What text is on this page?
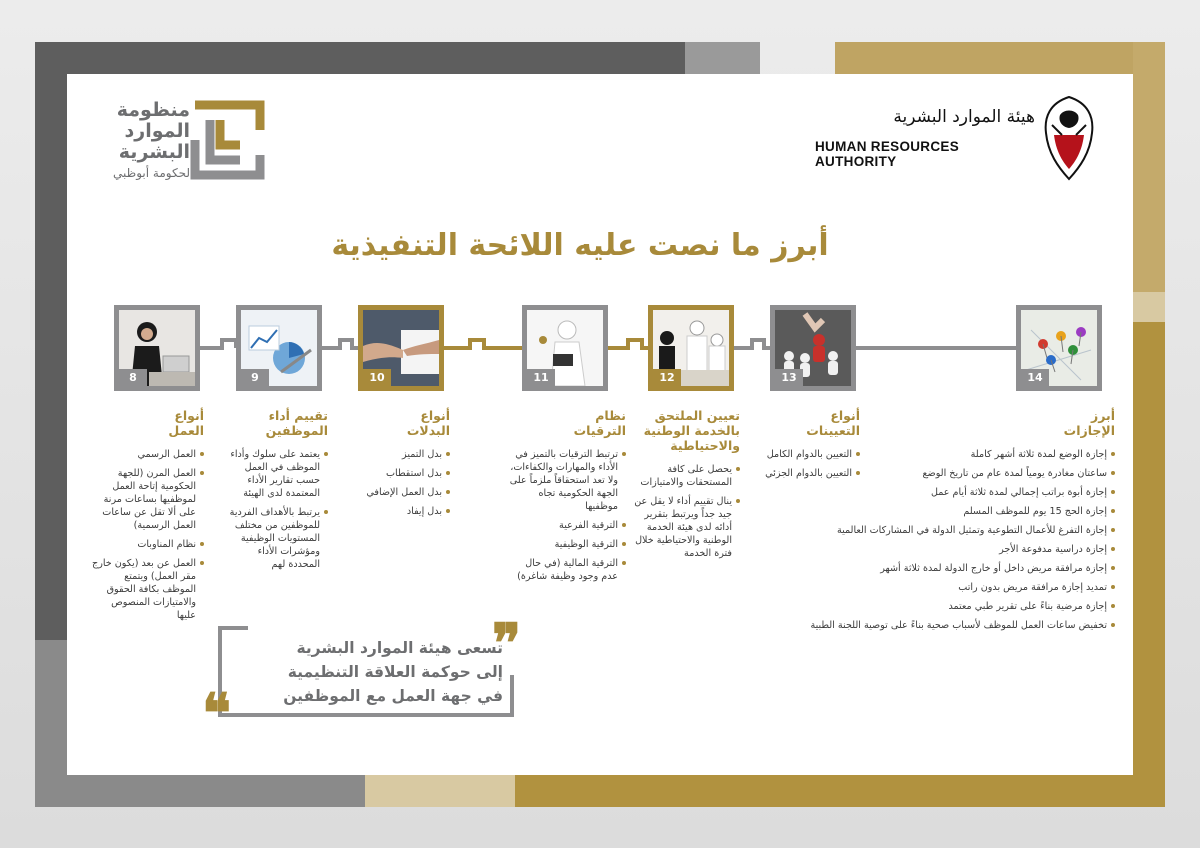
منظومة
الموارد
البشرية
لحكومة أبوظبي
هيئة الموارد البشرية
HUMAN RESOURCES AUTHORITY
أبرز ما نصت عليه اللائحة التنفيذية
14
13
12
11
10
9
8
أبرز
الإجازات
إجازة الوضع لمدة ثلاثة أشهر كاملة
ساعتان مغادرة يومياً لمدة عام من تاريخ الوضع
إجازة أبوة براتب إجمالي لمدة ثلاثة أيام عمل
إجازة الحج 15 يوم للموظف المسلم
إجازة التفرغ للأعمال التطوعية وتمثيل الدولة في المشاركات العالمية
إجازة دراسية مدفوعة الأجر
إجازة مرافقة مريض داخل أو خارج الدولة لمدة ثلاثة أشهر
تمديد إجازة مرافقة مريض بدون راتب
إجازة مرضية بناءً على تقرير طبي معتمد
تخفيض ساعات العمل للموظف لأسباب صحية بناءً على توصية اللجنة الطبية
أنواع
التعيينات
التعيين بالدوام الكامل
التعيين بالدوام الجزئي
تعيين الملتحق
بالخدمة الوطنية
والاحتياطية
يحصل على كافة المستحقات والامتيازات
ينال تقييم أداء لا يقل عن جيد جداً ويرتبط بتقرير أدائه لدى هيئة الخدمة الوطنية والاحتياطية خلال فترة الخدمة
نظام
الترقيات
ترتبط الترقيات بالتميز في الأداء والمهارات والكفاءات، ولا تعد استحقاقاً ملزماً على الجهة الحكومية تجاه موظفيها
الترقية الفرعية
الترقية الوظيفية
الترقية المالية (في حال عدم وجود وظيفة شاغرة)
أنواع
البدلات
بدل التميز
بدل استقطاب
بدل العمل الإضافي
بدل إيفاد
تقييم أداء
الموظفين
يعتمد على سلوك وأداء الموظف في العمل حسب تقارير الأداء المعتمدة لدى الهيئة
يرتبط بالأهداف الفردية للموظفين من مختلف المستويات الوظيفية ومؤشرات الأداء المحددة لهم
أنواع
العمل
العمل الرسمي
العمل المرن (للجهة الحكومية إتاحة العمل لموظفيها بساعات مرنة على ألا تقل عن ساعات العمل الرسمية)
نظام المناوبات
العمل عن بعد (يكون خارج مقر العمل) ويتمتع الموظف بكافة الحقوق والامتيازات المنصوص عليها	❞
❝
تسعى هيئة الموارد البشرية
إلى حوكمة العلاقة التنظيمية
في جهة العمل مع الموظفين
